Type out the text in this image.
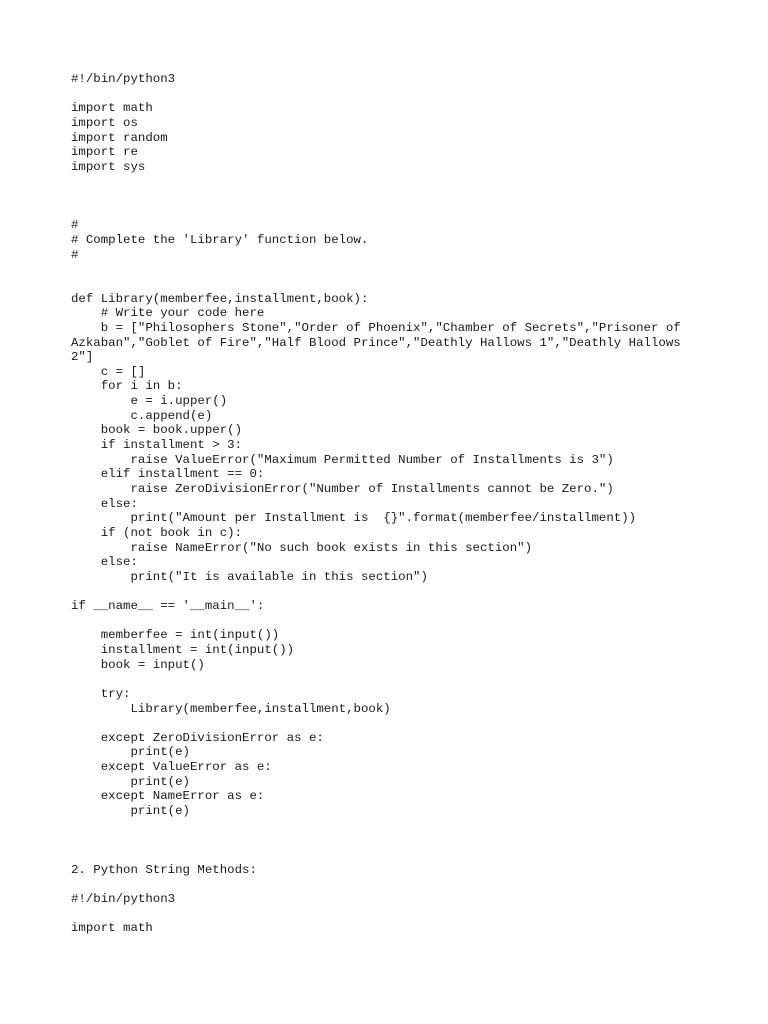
#!/bin/python3
import math
import os
import random
import re
import sys
#
# Complete the 'Library' function below.
#
def Library(memberfee,installment,book):
# Write your code here
b = ["Philosophers Stone","Order of Phoenix","Chamber of Secrets","Prisoner of
Azkaban","Goblet of Fire","Half Blood Prince","Deathly Hallows 1","Deathly Hallows
2"]
c = []
for i in b:
e = i.upper()
c.append(e)
book = book.upper()
if installment > 3:
raise ValueError("Maximum Permitted Number of Installments is 3")
elif installment == 0:
raise ZeroDivisionError("Number of Installments cannot be Zero.")
else:
print("Amount per Installment is  {}".format(memberfee/installment))
if (not book in c):
raise NameError("No such book exists in this section")
else:
print("It is available in this section")
if __name__ == '__main__':
memberfee = int(input())
installment = int(input())
book = input()
try:
Library(memberfee,installment,book)
except ZeroDivisionError as e:
print(e)
except ValueError as e:
print(e)
except NameError as e:
print(e)
2. Python String Methods:
#!/bin/python3
import math
